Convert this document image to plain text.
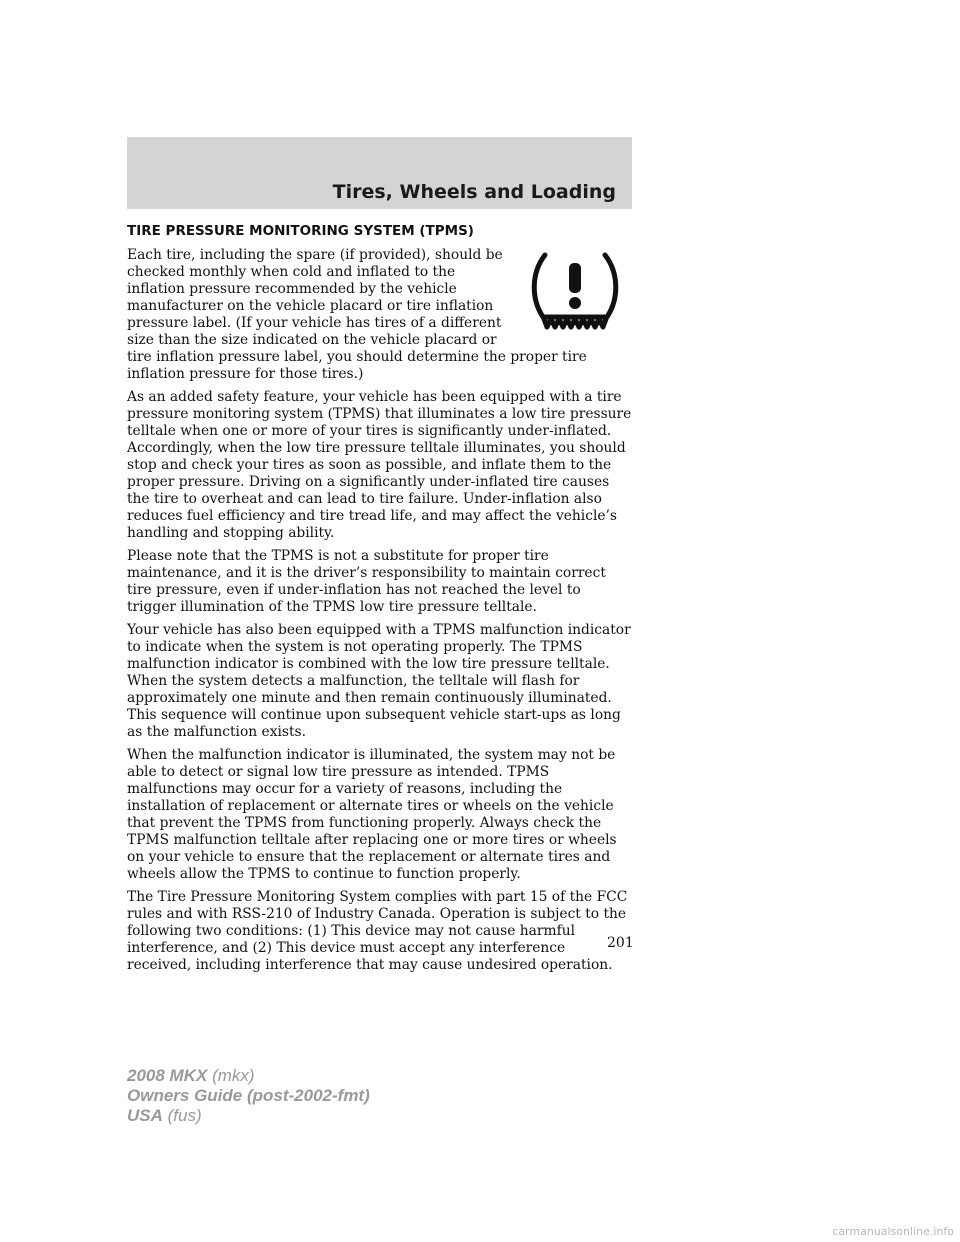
Tires, Wheels and Loading
TIRE PRESSURE MONITORING SYSTEM (TPMS)

Each tire, including the spare (if provided), should be checked monthly when cold and inflated to the inflation pressure recommended by the vehicle manufacturer on the vehicle placard or tire inflation pressure label. (If your vehicle has tires of a different size than the size indicated on the vehicle placard or tire inflation pressure label, you should determine the proper tire inflation pressure for those tires.)

As an added safety feature, your vehicle has been equipped with a tire pressure monitoring system (TPMS) that illuminates a low tire pressure telltale when one or more of your tires is significantly under-inflated. Accordingly, when the low tire pressure telltale illuminates, you should stop and check your tires as soon as possible, and inflate them to the proper pressure. Driving on a significantly under-inflated tire causes the tire to overheat and can lead to tire failure. Under-inflation also reduces fuel efficiency and tire tread life, and may affect the vehicle’s handling and stopping ability.

Please note that the TPMS is not a substitute for proper tire maintenance, and it is the driver’s responsibility to maintain correct tire pressure, even if under-inflation has not reached the level to trigger illumination of the TPMS low tire pressure telltale.

Your vehicle has also been equipped with a TPMS malfunction indicator to indicate when the system is not operating properly. The TPMS malfunction indicator is combined with the low tire pressure telltale. When the system detects a malfunction, the telltale will flash for approximately one minute and then remain continuously illuminated. This sequence will continue upon subsequent vehicle start-ups as long as the malfunction exists.

When the malfunction indicator is illuminated, the system may not be able to detect or signal low tire pressure as intended. TPMS malfunctions may occur for a variety of reasons, including the installation of replacement or alternate tires or wheels on the vehicle that prevent the TPMS from functioning properly. Always check the TPMS malfunction telltale after replacing one or more tires or wheels on your vehicle to ensure that the replacement or alternate tires and wheels allow the TPMS to continue to function properly.

The Tire Pressure Monitoring System complies with part 15 of the FCC rules and with RSS-210 of Industry Canada. Operation is subject to the following two conditions: (1) This device may not cause harmful interference, and (2) This device must accept any interference received, including interference that may cause undesired operation.

201
2008 MKX (mkx)
Owners Guide (post-2002-fmt)
USA (fus)
carmanualsonline.info
